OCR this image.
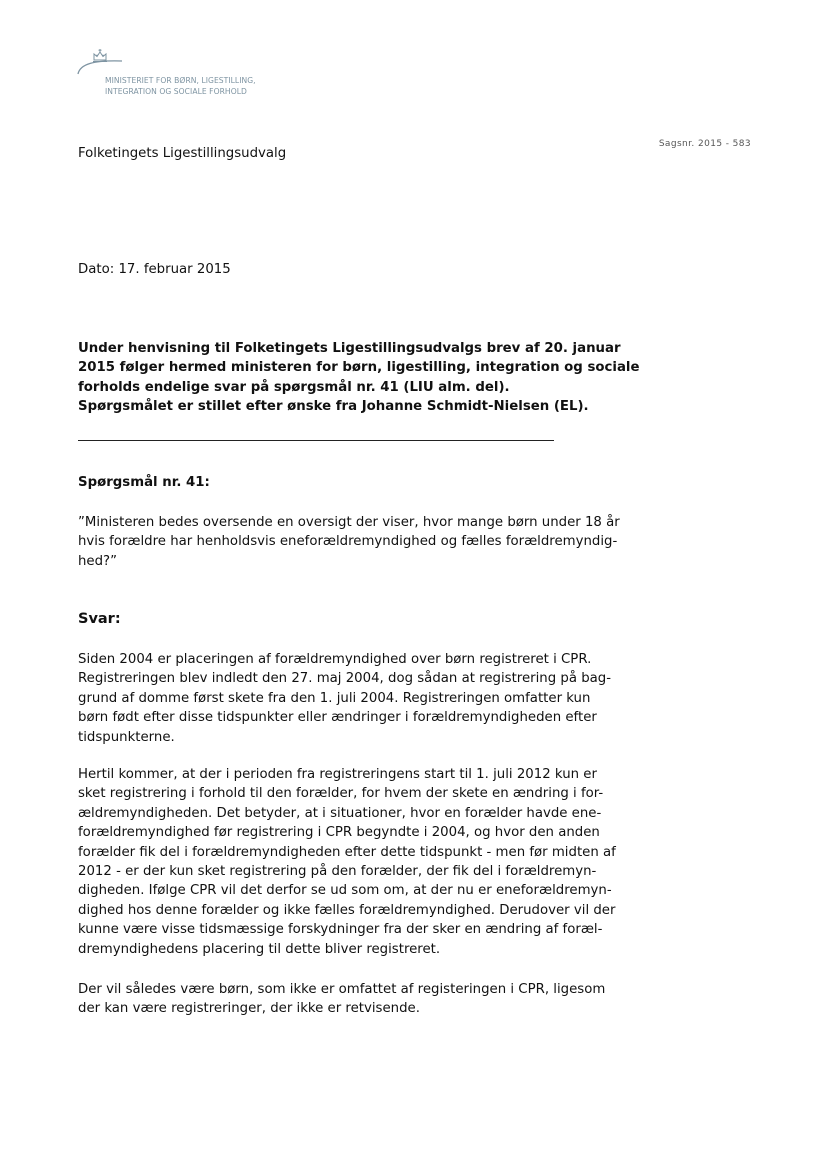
MINISTERIET FOR BØRN, LIGESTILLING,
INTEGRATION OG SOCIALE FORHOLD
Folketingets Ligestillingsudvalg
Sagsnr. 2015 - 583
Dato: 17. februar 2015

Under henvisning til Folketingets Ligestillingsudvalgs brev af 20. januar

2015 følger hermed ministeren for børn, ligestilling, integration og sociale

forholds endelige svar på spørgsmål nr. 41 (LIU alm. del).

Spørgsmålet er stillet efter ønske fra Johanne Schmidt-Nielsen (EL).

Spørgsmål nr. 41:

”Ministeren bedes oversende en oversigt der viser, hvor mange børn under 18 år

hvis forældre har henholdsvis eneforældremyndighed og fælles forældremyndig-

hed?”

Svar:

Siden 2004 er placeringen af forældremyndighed over børn registreret i CPR.

Registreringen blev indledt den 27. maj 2004, dog sådan at registrering på bag-

grund af domme først skete fra den 1. juli 2004. Registreringen omfatter kun

børn født efter disse tidspunkter eller ændringer i forældremyndigheden efter

tidspunkterne.

Hertil kommer, at der i perioden fra registreringens start til 1. juli 2012 kun er

sket registrering i forhold til den forælder, for hvem der skete en ændring i for-

ældremyndigheden. Det betyder, at i situationer, hvor en forælder havde ene-

forældremyndighed før registrering i CPR begyndte i 2004, og hvor den anden

forælder fik del i forældremyndigheden efter dette tidspunkt - men før midten af

2012 - er der kun sket registrering på den forælder, der fik del i forældremyn-

digheden. Ifølge CPR vil det derfor se ud som om, at der nu er eneforældremyn-

dighed hos denne forælder og ikke fælles forældremyndighed. Derudover vil der

kunne være visse tidsmæssige forskydninger fra der sker en ændring af foræl-

dremyndighedens placering til dette bliver registreret.

Der vil således være børn, som ikke er omfattet af registeringen i CPR, ligesom

der kan være registreringer, der ikke er retvisende.
